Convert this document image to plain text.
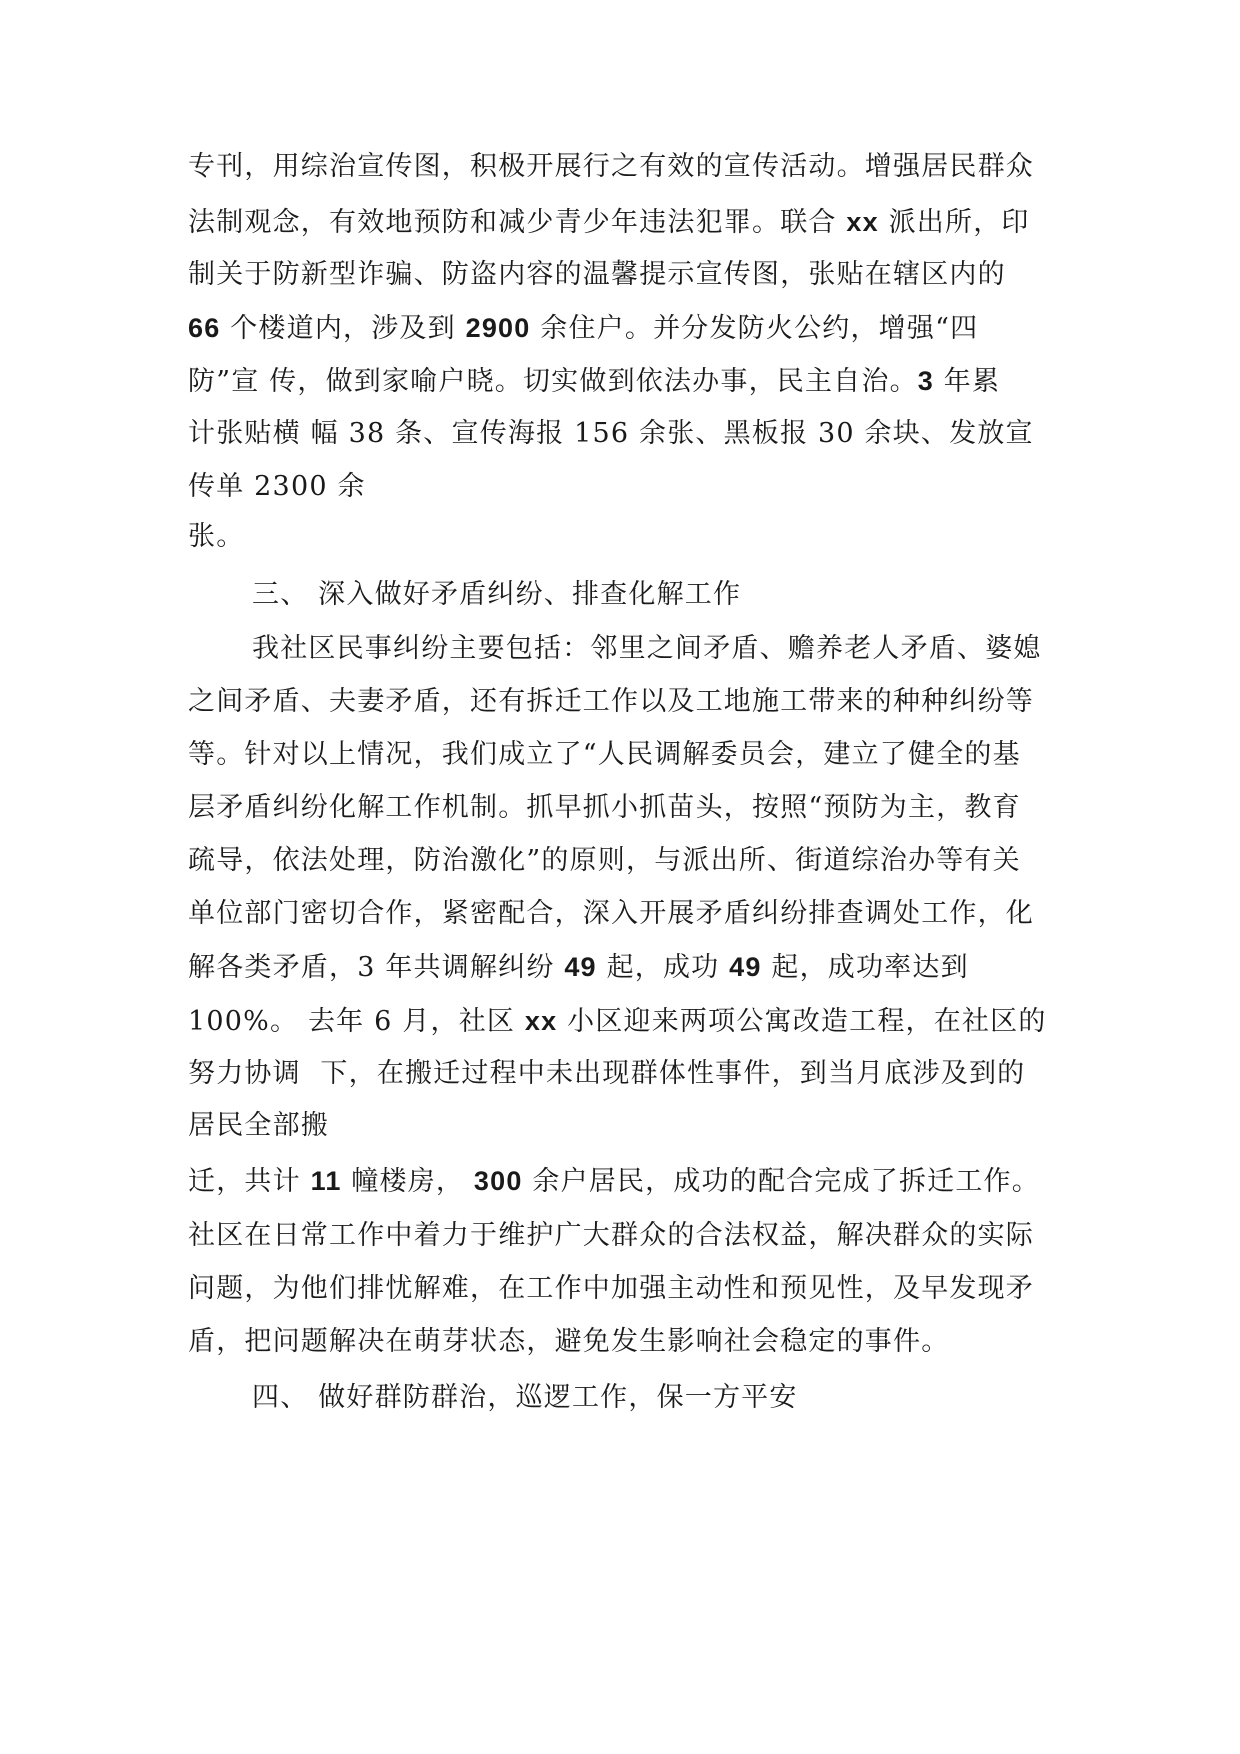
专刊，用综治宣传图，积极开展行之有效的宣传活动。增强居民群众
法制观念，有效地预防和减少青少年违法犯罪。联合 xx 派出所，印
制关于防新型诈骗、防盗内容的温馨提示宣传图，张贴在辖区内的
66 个楼道内，涉及到 2900 余住户。并分发防火公约，增强“四
防”宣 传，做到家喻户晓。切实做到依法办事，民主自治。3 年累
计张贴横 幅 38 条、宣传海报 156 余张、黑板报 30 余块、发放宣
传单 2300 余
张。
三、 深入做好矛盾纠纷、排查化解工作
我社区民事纠纷主要包括：邻里之间矛盾、赡养老人矛盾、婆媳
之间矛盾、夫妻矛盾，还有拆迁工作以及工地施工带来的种种纠纷等
等。针对以上情况，我们成立了“人民调解委员会，建立了健全的基
层矛盾纠纷化解工作机制。抓早抓小抓苗头，按照“预防为主，教育
疏导，依法处理，防治激化”的原则，与派出所、街道综治办等有关
单位部门密切合作，紧密配合，深入开展矛盾纠纷排查调处工作，化
解各类矛盾，3 年共调解纠纷 49 起，成功 49 起，成功率达到
100%。 去年 6 月，社区 xx 小区迎来两项公寓改造工程，在社区的
努力协调  下，在搬迁过程中未出现群体性事件，到当月底涉及到的
居民全部搬
迁，共计 11 幢楼房， 300 余户居民，成功的配合完成了拆迁工作。
社区在日常工作中着力于维护广大群众的合法权益，解决群众的实际
问题，为他们排忧解难，在工作中加强主动性和预见性，及早发现矛
盾，把问题解决在萌芽状态，避免发生影响社会稳定的事件。
四、 做好群防群治，巡逻工作，保一方平安
